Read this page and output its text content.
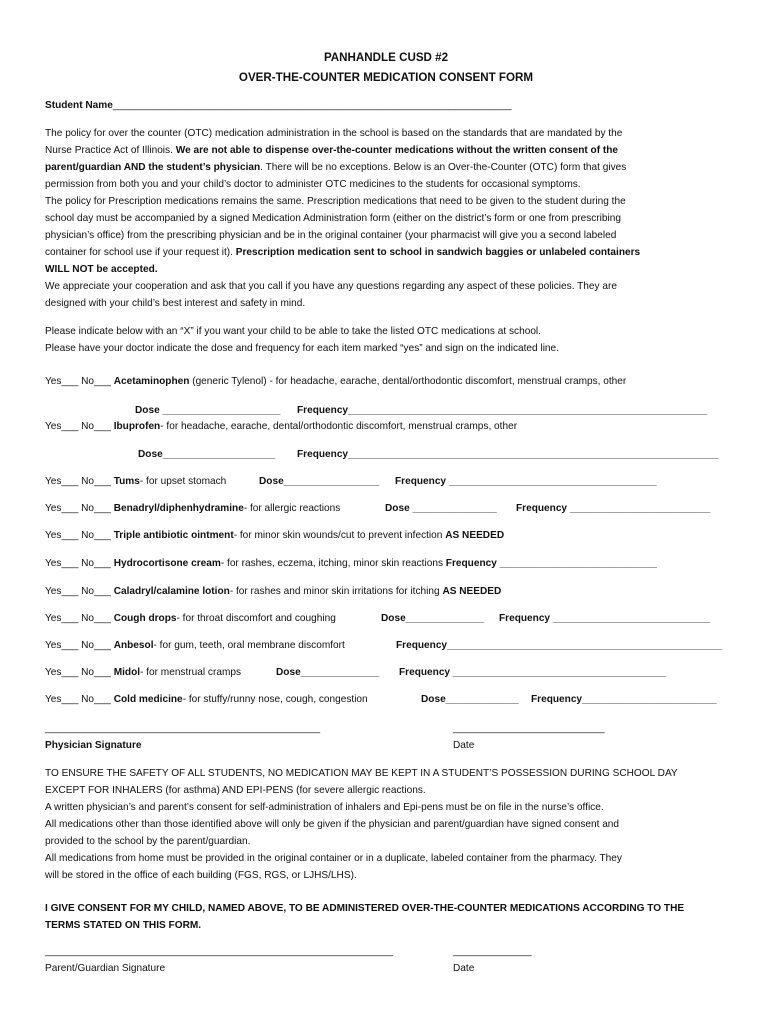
PANHANDLE CUSD #2
OVER-THE-COUNTER MEDICATION CONSENT FORM
Student Name_______________________________________________________________________
The policy for over the counter (OTC) medication administration in the school is based on the standards that are mandated by the
Nurse Practice Act of Illinois. We are not able to dispense over-the-counter medications without the written consent of the
parent/guardian AND the student’s physician. There will be no exceptions. Below is an Over-the-Counter (OTC) form that gives
permission from both you and your child’s doctor to administer OTC medicines to the students for occasional symptoms.
The policy for Prescription medications remains the same. Prescription medications that need to be given to the student during the
school day must be accompanied by a signed Medication Administration form (either on the district’s form or one from prescribing
physician’s office) from the prescribing physician and be in the original container (your pharmacist will give you a second labeled
container for school use if your request it). Prescription medication sent to school in sandwich baggies or unlabeled containers
WILL NOT be accepted.
We appreciate your cooperation and ask that you call if you have any questions regarding any aspect of these policies. They are
designed with your child’s best interest and safety in mind.
Please indicate below with an “X” if you want your child to be able to take the listed OTC medications at school.
Please have your doctor indicate the dose and frequency for each item marked “yes” and sign on the indicated line.
Yes___ No___ Acetaminophen (generic Tylenol) - for headache, earache, dental/orthodontic discomfort, menstrual cramps, other
Dose _____________________ Frequency________________________________________________________________
Yes___ No___ Ibuprofen- for headache, earache, dental/orthodontic discomfort, menstrual cramps, other
Dose____________________ Frequency__________________________________________________________________
Yes___ No___ Tums- for upset stomach	Dose_________________ Frequency _____________________________________
Yes___ No___ Benadryl/diphenhydramine- for allergic reactions	Dose _______________ Frequency _________________________
Yes___ No___ Triple antibiotic ointment- for minor skin wounds/cut to prevent infection AS NEEDED
Yes___ No___ Hydrocortisone cream- for rashes, eczema, itching, minor skin reactions Frequency ____________________________
Yes___ No___ Caladryl/calamine lotion- for rashes and minor skin irritations for itching AS NEEDED
Yes___ No___ Cough drops- for throat discomfort and coughing	Dose______________ Frequency ____________________________
Yes___ No___ Anbesol- for gum, teeth, oral membrane discomfort	Frequency_________________________________________________
Yes___ No___ Midol- for menstrual cramps	Dose______________ Frequency ______________________________________
Yes___ No___ Cold medicine- for stuffy/runny nose, cough, congestion	Dose_____________ Frequency________________________
_________________________________________________	___________________________
Physician Signature	Date
TO ENSURE THE SAFETY OF ALL STUDENTS, NO MEDICATION MAY BE KEPT IN A STUDENT’S POSSESSION DURING SCHOOL DAY
EXCEPT FOR INHALERS (for asthma) AND EPI-PENS (for severe allergic reactions.
A written physician’s and parent’s consent for self-administration of inhalers and Epi-pens must be on file in the nurse’s office.
All medications other than those identified above will only be given if the physician and parent/guardian have signed consent and
provided to the school by the parent/guardian.
All medications from home must be provided in the original container or in a duplicate, labeled container from the pharmacy. They
will be stored in the office of each building (FGS, RGS, or LJHS/LHS).
I GIVE CONSENT FOR MY CHILD, NAMED ABOVE, TO BE ADMINISTERED OVER-THE-COUNTER MEDICATIONS ACCORDING TO THE
TERMS STATED ON THIS FORM.
______________________________________________________________	______________
Parent/Guardian Signature	Date
